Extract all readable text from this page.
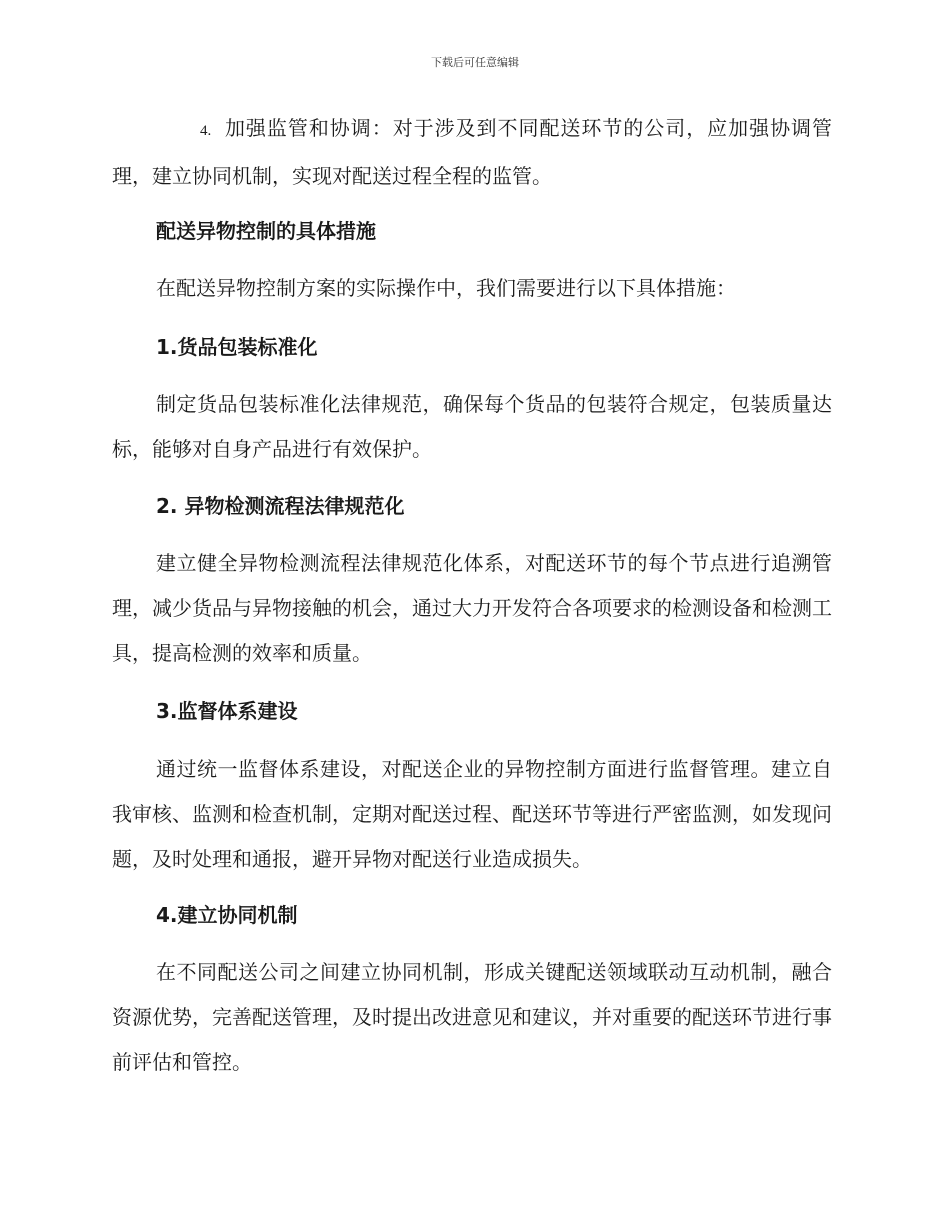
下载后可任意编辑

4. 加强监管和协调：对于涉及到不同配送环节的公司，应加强协调管理，建立协同机制，实现对配送过程全程的监管。

配送异物控制的具体措施

在配送异物控制方案的实际操作中，我们需要进行以下具体措施：

1.货品包装标准化

制定货品包装标准化法律规范，确保每个货品的包装符合规定，包装质量达标，能够对自身产品进行有效保护。

2. 异物检测流程法律规范化

建立健全异物检测流程法律规范化体系，对配送环节的每个节点进行追溯管理，减少货品与异物接触的机会，通过大力开发符合各项要求的检测设备和检测工具，提高检测的效率和质量。

3.监督体系建设

通过统一监督体系建设，对配送企业的异物控制方面进行监督管理。建立自我审核、监测和检查机制，定期对配送过程、配送环节等进行严密监测，如发现问题，及时处理和通报，避开异物对配送行业造成损失。

4.建立协同机制

在不同配送公司之间建立协同机制，形成关键配送领域联动互动机制，融合资源优势，完善配送管理，及时提出改进意见和建议，并对重要的配送环节进行事前评估和管控。
